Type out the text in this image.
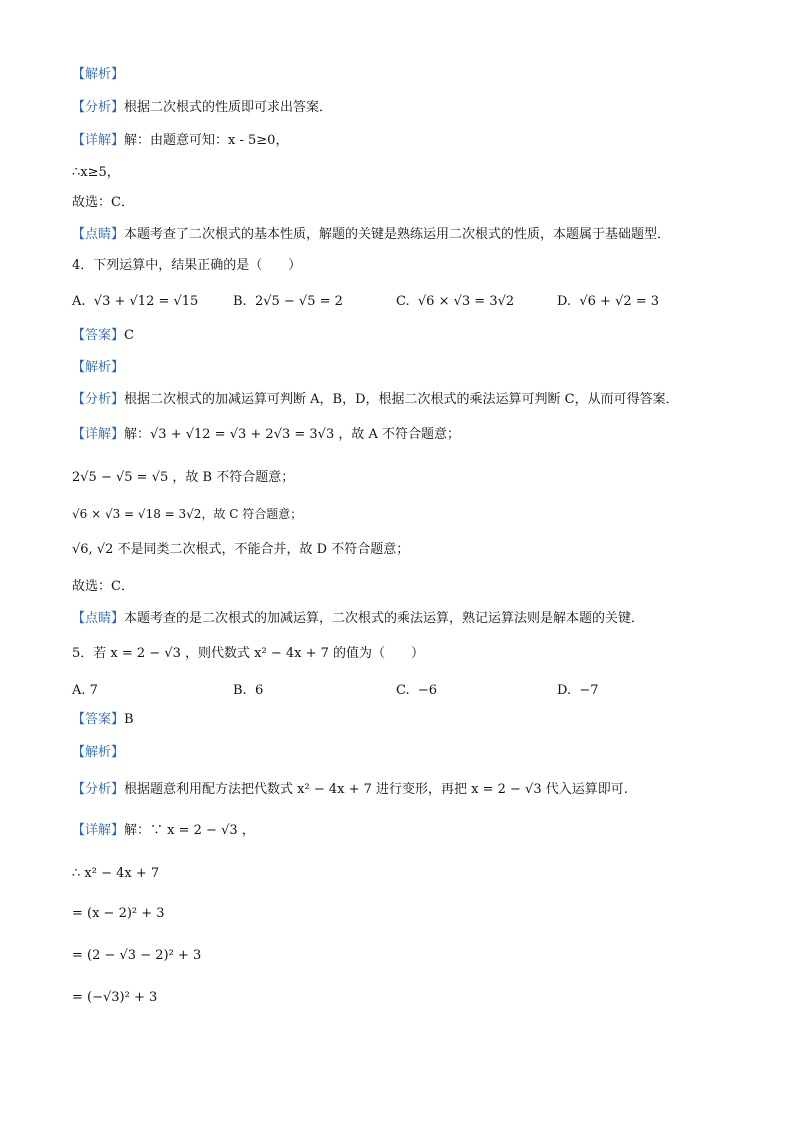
【解析】
【分析】根据二次根式的性质即可求出答案．
【详解】解：由题意可知：x - 5≥0，
∴x≥5，
故选：C．
【点睛】本题考查了二次根式的基本性质，解题的关键是熟练运用二次根式的性质，本题属于基础题型．
4．下列运算中，结果正确的是（　　）
A. √3 + √12 = √15	B. 2√5 − √5 = 2	C. √6 × √3 = 3√2	D. √6 + √2 = 3
【答案】C
【解析】
【分析】根据二次根式的加减运算可判断 A，B，D，根据二次根式的乘法运算可判断 C，从而可得答案．
【详解】解：√3 + √12 = √3 + 2√3 = 3√3 ，故 A 不符合题意；
2√5 − √5 = √5 ，故 B 不符合题意；
√6 × √3 = √18 = 3√2，故 C 符合题意；
√6, √2 不是同类二次根式，不能合并，故 D 不符合题意；
故选：C．
【点睛】本题考查的是二次根式的加减运算，二次根式的乘法运算，熟记运算法则是解本题的关键．
5．若 x = 2 − √3 ，则代数式 x² − 4x + 7 的值为（　　）
A. 7	B. 6	C. −6	D. −7
【答案】B
【解析】
【分析】根据题意利用配方法把代数式 x² − 4x + 7 进行变形，再把 x = 2 − √3 代入运算即可.
【详解】解：∵ x = 2 − √3 ，
∴ x² − 4x + 7
= (x − 2)² + 3
= (2 − √3 − 2)² + 3
= (−√3)² + 3
